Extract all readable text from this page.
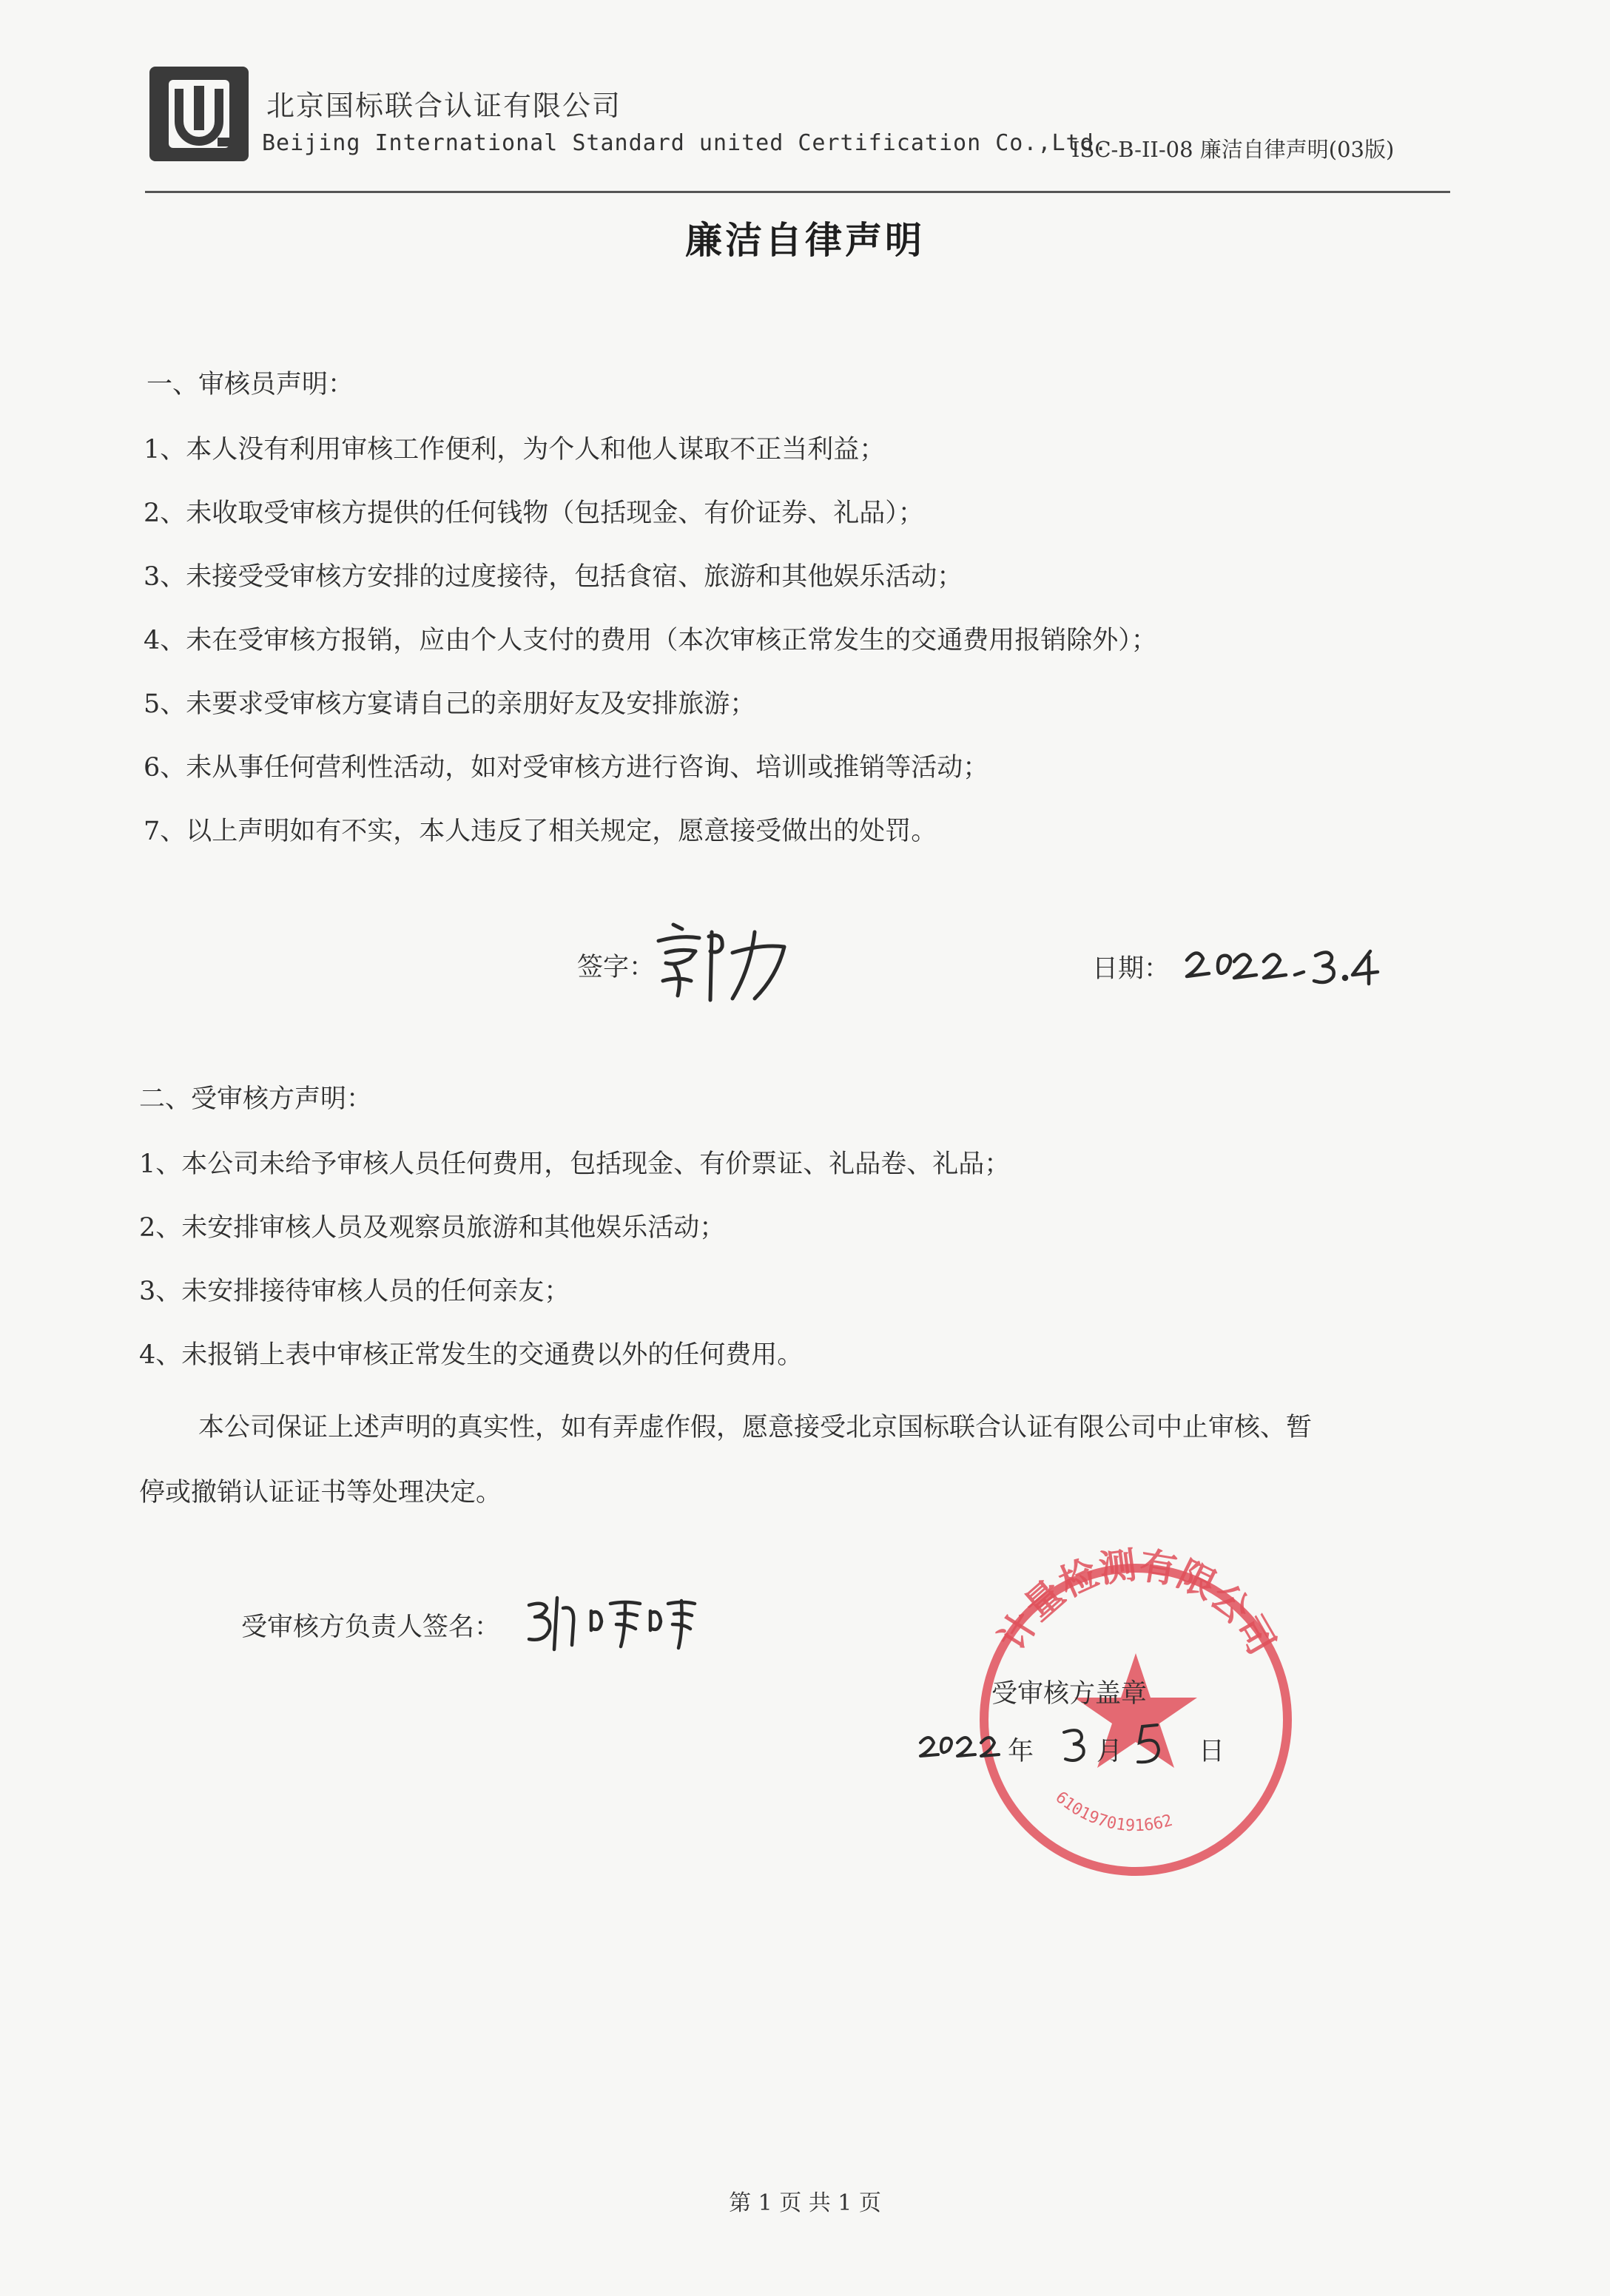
北京国标联合认证有限公司
Beijing International Standard united Certification Co.,Ltd.
ISC-B-II-08 廉洁自律声明(03版)
廉洁自律声明
一、审核员声明：
1、本人没有利用审核工作便利，为个人和他人谋取不正当利益；
2、未收取受审核方提供的任何钱物（包括现金、有价证券、礼品）；
3、未接受受审核方安排的过度接待，包括食宿、旅游和其他娱乐活动；
4、未在受审核方报销，应由个人支付的费用（本次审核正常发生的交通费用报销除外）；
5、未要求受审核方宴请自己的亲朋好友及安排旅游；
6、未从事任何营利性活动，如对受审核方进行咨询、培训或推销等活动；
7、以上声明如有不实，本人违反了相关规定，愿意接受做出的处罚。
签字：	日期：
二、受审核方声明：
1、本公司未给予审核人员任何费用，包括现金、有价票证、礼品卷、礼品；
2、未安排审核人员及观察员旅游和其他娱乐活动；
3、未安排接待审核人员的任何亲友；
4、未报销上表中审核正常发生的交通费以外的任何费用。
本公司保证上述声明的真实性，如有弄虚作假，愿意接受北京国标联合认证有限公司中止审核、暂
停或撤销认证证书等处理决定。
受审核方负责人签名：	计量检测有限公司
6101970191662
受审核方盖章
年 月	日
第 1 页 共 1 页
